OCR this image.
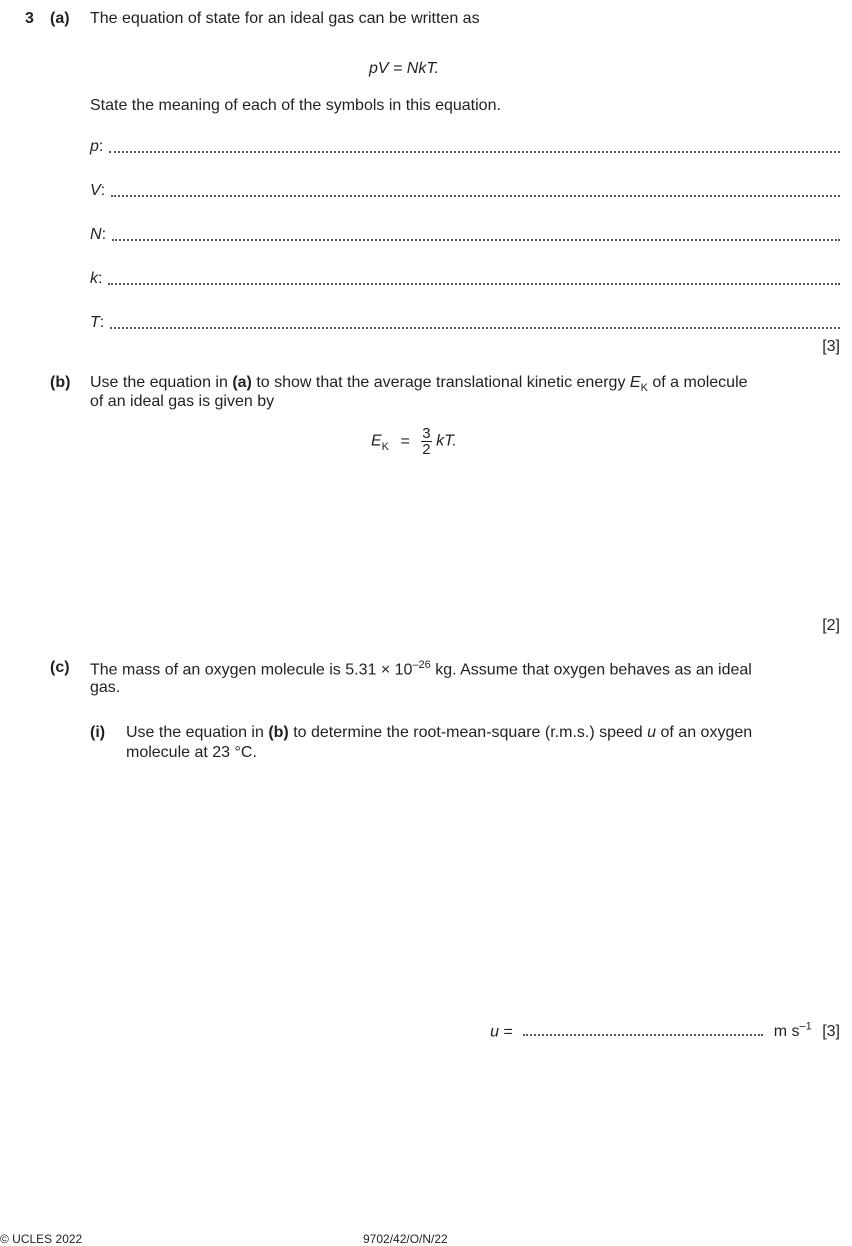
3 (a) The equation of state for an ideal gas can be written as
pV = NkT.
State the meaning of each of the symbols in this equation.
p:
V:
N:
k:
T:
[3]
(b) Use the equation in (a) to show that the average translational kinetic energy $E_K$ of a molecule
of an ideal gas is given by
$E_K = \frac{3}{2}$ kT.
[2]
(c) The mass of an oxygen molecule is $5.31 \times 10^{-26}$ kg. Assume that oxygen behaves as an ideal
gas.
(i) Use the equation in (b) to determine the root-mean-square (r.m.s.) speed u of an oxygen
molecule at 23 °C.
u =	m $s^{-1}$ [3]
© UCLES 2022	9702/42/O/N/22
